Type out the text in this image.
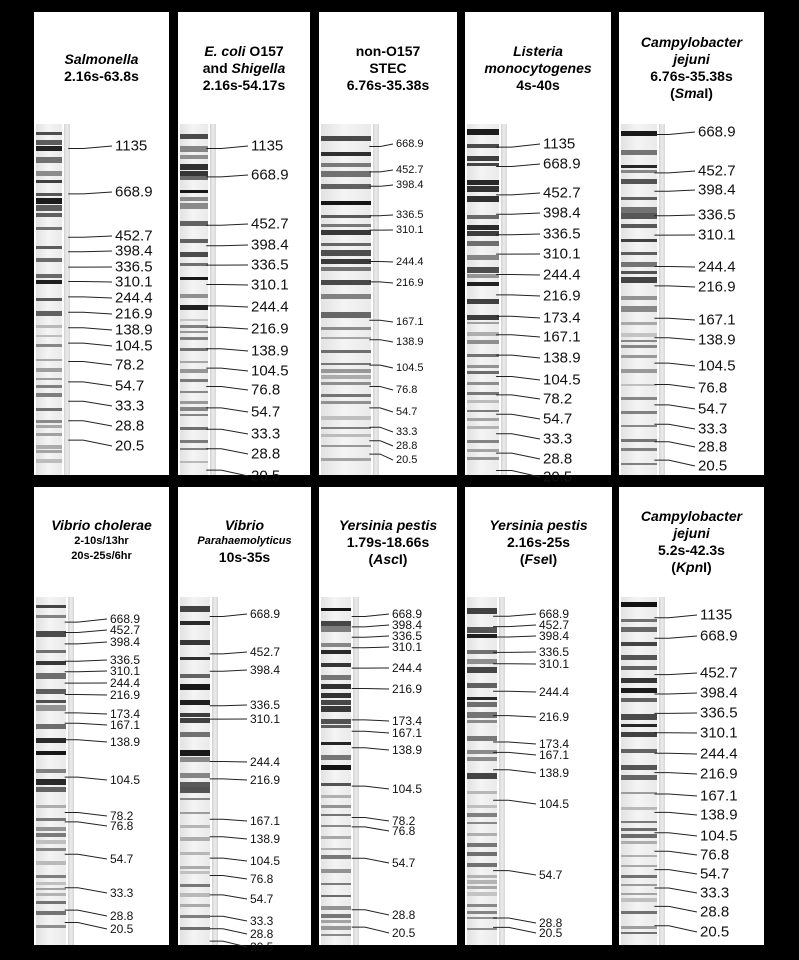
Salmonella
2.16s-63.8s
1135
668.9
452.7
398.4
336.5
310.1
244.4
216.9
138.9
104.5
78.2
54.7
33.3
28.8
20.5
E. coli O157
and Shigella
2.16s-54.17s
1135
668.9
452.7
398.4
336.5
310.1
244.4
216.9
138.9
104.5
76.8
54.7
33.3
28.8
20.5
non-O157
STEC
6.76s-35.38s
668.9
452.7
398.4
336.5
310.1
244.4
216.9
167.1
138.9
104.5
76.8
54.7
33.3
28.8
20.5
Listeria
monocytogenes
4s-40s
1135
668.9
452.7
398.4
336.5
310.1
244.4
216.9
173.4
167.1
138.9
104.5
78.2
54.7
33.3
28.8
20.5
Campylobacter
jejuni
6.76s-35.38s
(SmaI)
668.9
452.7
398.4
336.5
310.1
244.4
216.9
167.1
138.9
104.5
76.8
54.7
33.3
28.8
20.5
Vibrio cholerae
2-10s/13hr
20s-25s/6hr
668.9
452.7
398.4
336.5
310.1
244.4
216.9
173.4
167.1
138.9
104.5
78.2
76.8
54.7
33.3
28.8
20.5
Vibrio
Parahaemolyticus
10s-35s
668.9
452.7
398.4
336.5
310.1
244.4
216.9
167.1
138.9
104.5
76.8
54.7
33.3
28.8
20.5
Yersinia pestis
1.79s-18.66s
(AscI)
668.9
398.4
336.5
310.1
244.4
216.9
173.4
167.1
138.9
104.5
78.2
76.8
54.7
28.8
20.5
Yersinia pestis
2.16s-25s
(FseI)
668.9
452.7
398.4
336.5
310.1
244.4
216.9
173.4
167.1
138.9
104.5
54.7
28.8
20.5
Campylobacter
jejuni
5.2s-42.3s
(KpnI)
1135
668.9
452.7
398.4
336.5
310.1
244.4
216.9
167.1
138.9
104.5
76.8
54.7
33.3
28.8
20.5
